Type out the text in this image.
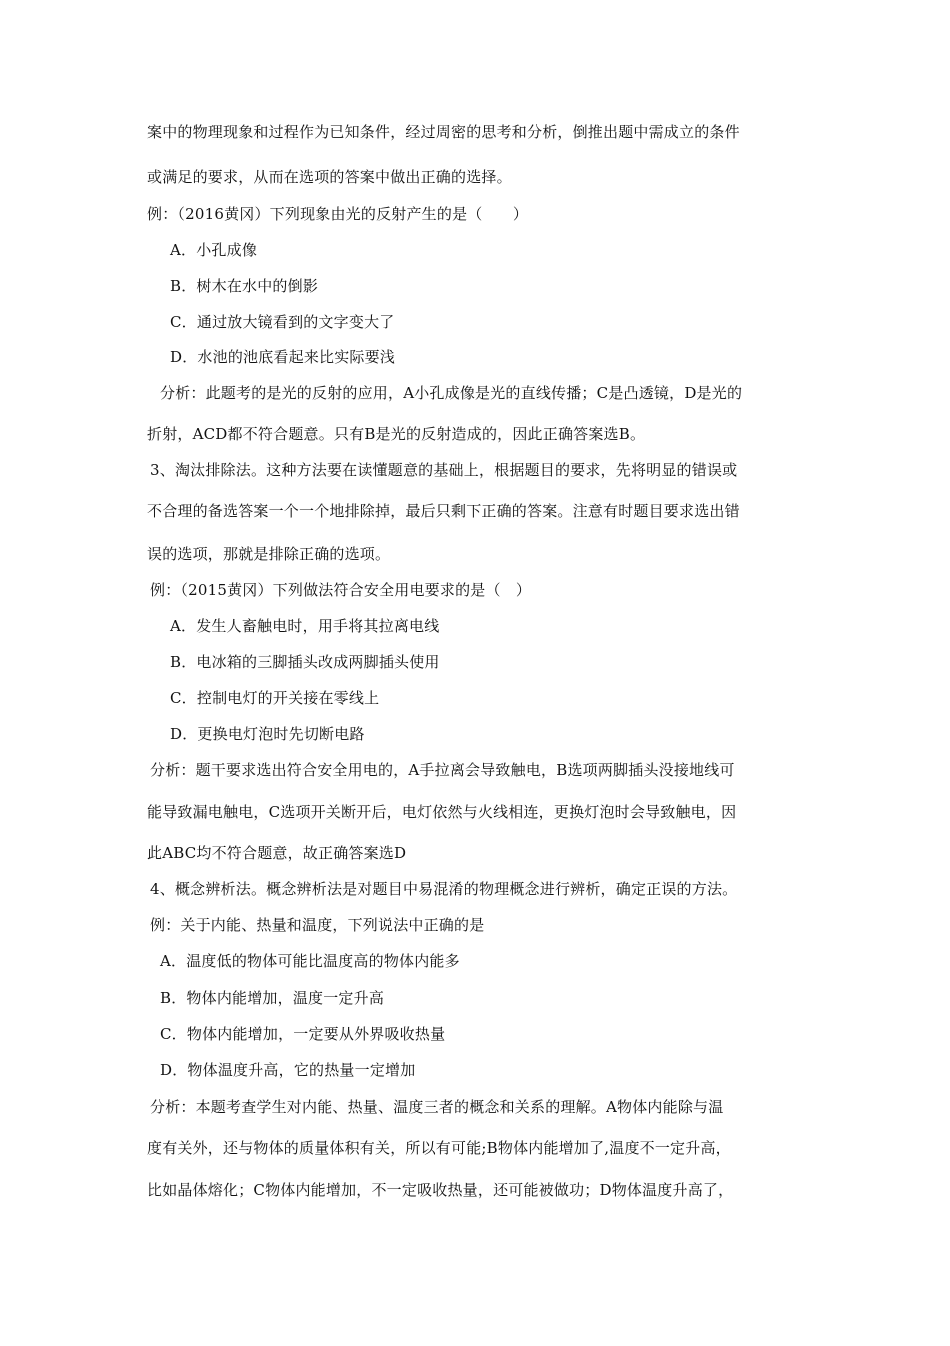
案中的物理现象和过程作为已知条件，经过周密的思考和分析，倒推出题中需成立的条件
或满足的要求，从而在选项的答案中做出正确的选择。
例：（2016黄冈）下列现象由光的反射产生的是（　　）
A．小孔成像
B．树木在水中的倒影
C．通过放大镜看到的文字变大了
D．水池的池底看起来比实际要浅
分析：此题考的是光的反射的应用，A小孔成像是光的直线传播；C是凸透镜，D是光的
折射，ACD都不符合题意。只有B是光的反射造成的，因此正确答案选B。
3、淘汰排除法。这种方法要在读懂题意的基础上，根据题目的要求，先将明显的错误或
不合理的备选答案一个一个地排除掉，最后只剩下正确的答案。注意有时题目要求选出错
误的选项，那就是排除正确的选项。
例：（2015黄冈）下列做法符合安全用电要求的是（　）
A．发生人畜触电时，用手将其拉离电线
B．电冰箱的三脚插头改成两脚插头使用
C．控制电灯的开关接在零线上
D．更换电灯泡时先切断电路
分析：题干要求选出符合安全用电的，A手拉离会导致触电，B选项两脚插头没接地线可
能导致漏电触电，C选项开关断开后，电灯依然与火线相连，更换灯泡时会导致触电，因
此ABC均不符合题意，故正确答案选D
4、概念辨析法。概念辨析法是对题目中易混淆的物理概念进行辨析，确定正误的方法。
例：关于内能、热量和温度，下列说法中正确的是
A．温度低的物体可能比温度高的物体内能多
B．物体内能增加，温度一定升高
C．物体内能增加，一定要从外界吸收热量
D．物体温度升高，它的热量一定增加
分析：本题考查学生对内能、热量、温度三者的概念和关系的理解。A物体内能除与温
度有关外，还与物体的质量体积有关，所以有可能;B物体内能增加了,温度不一定升高，
比如晶体熔化；C物体内能增加，不一定吸收热量，还可能被做功；D物体温度升高了，
